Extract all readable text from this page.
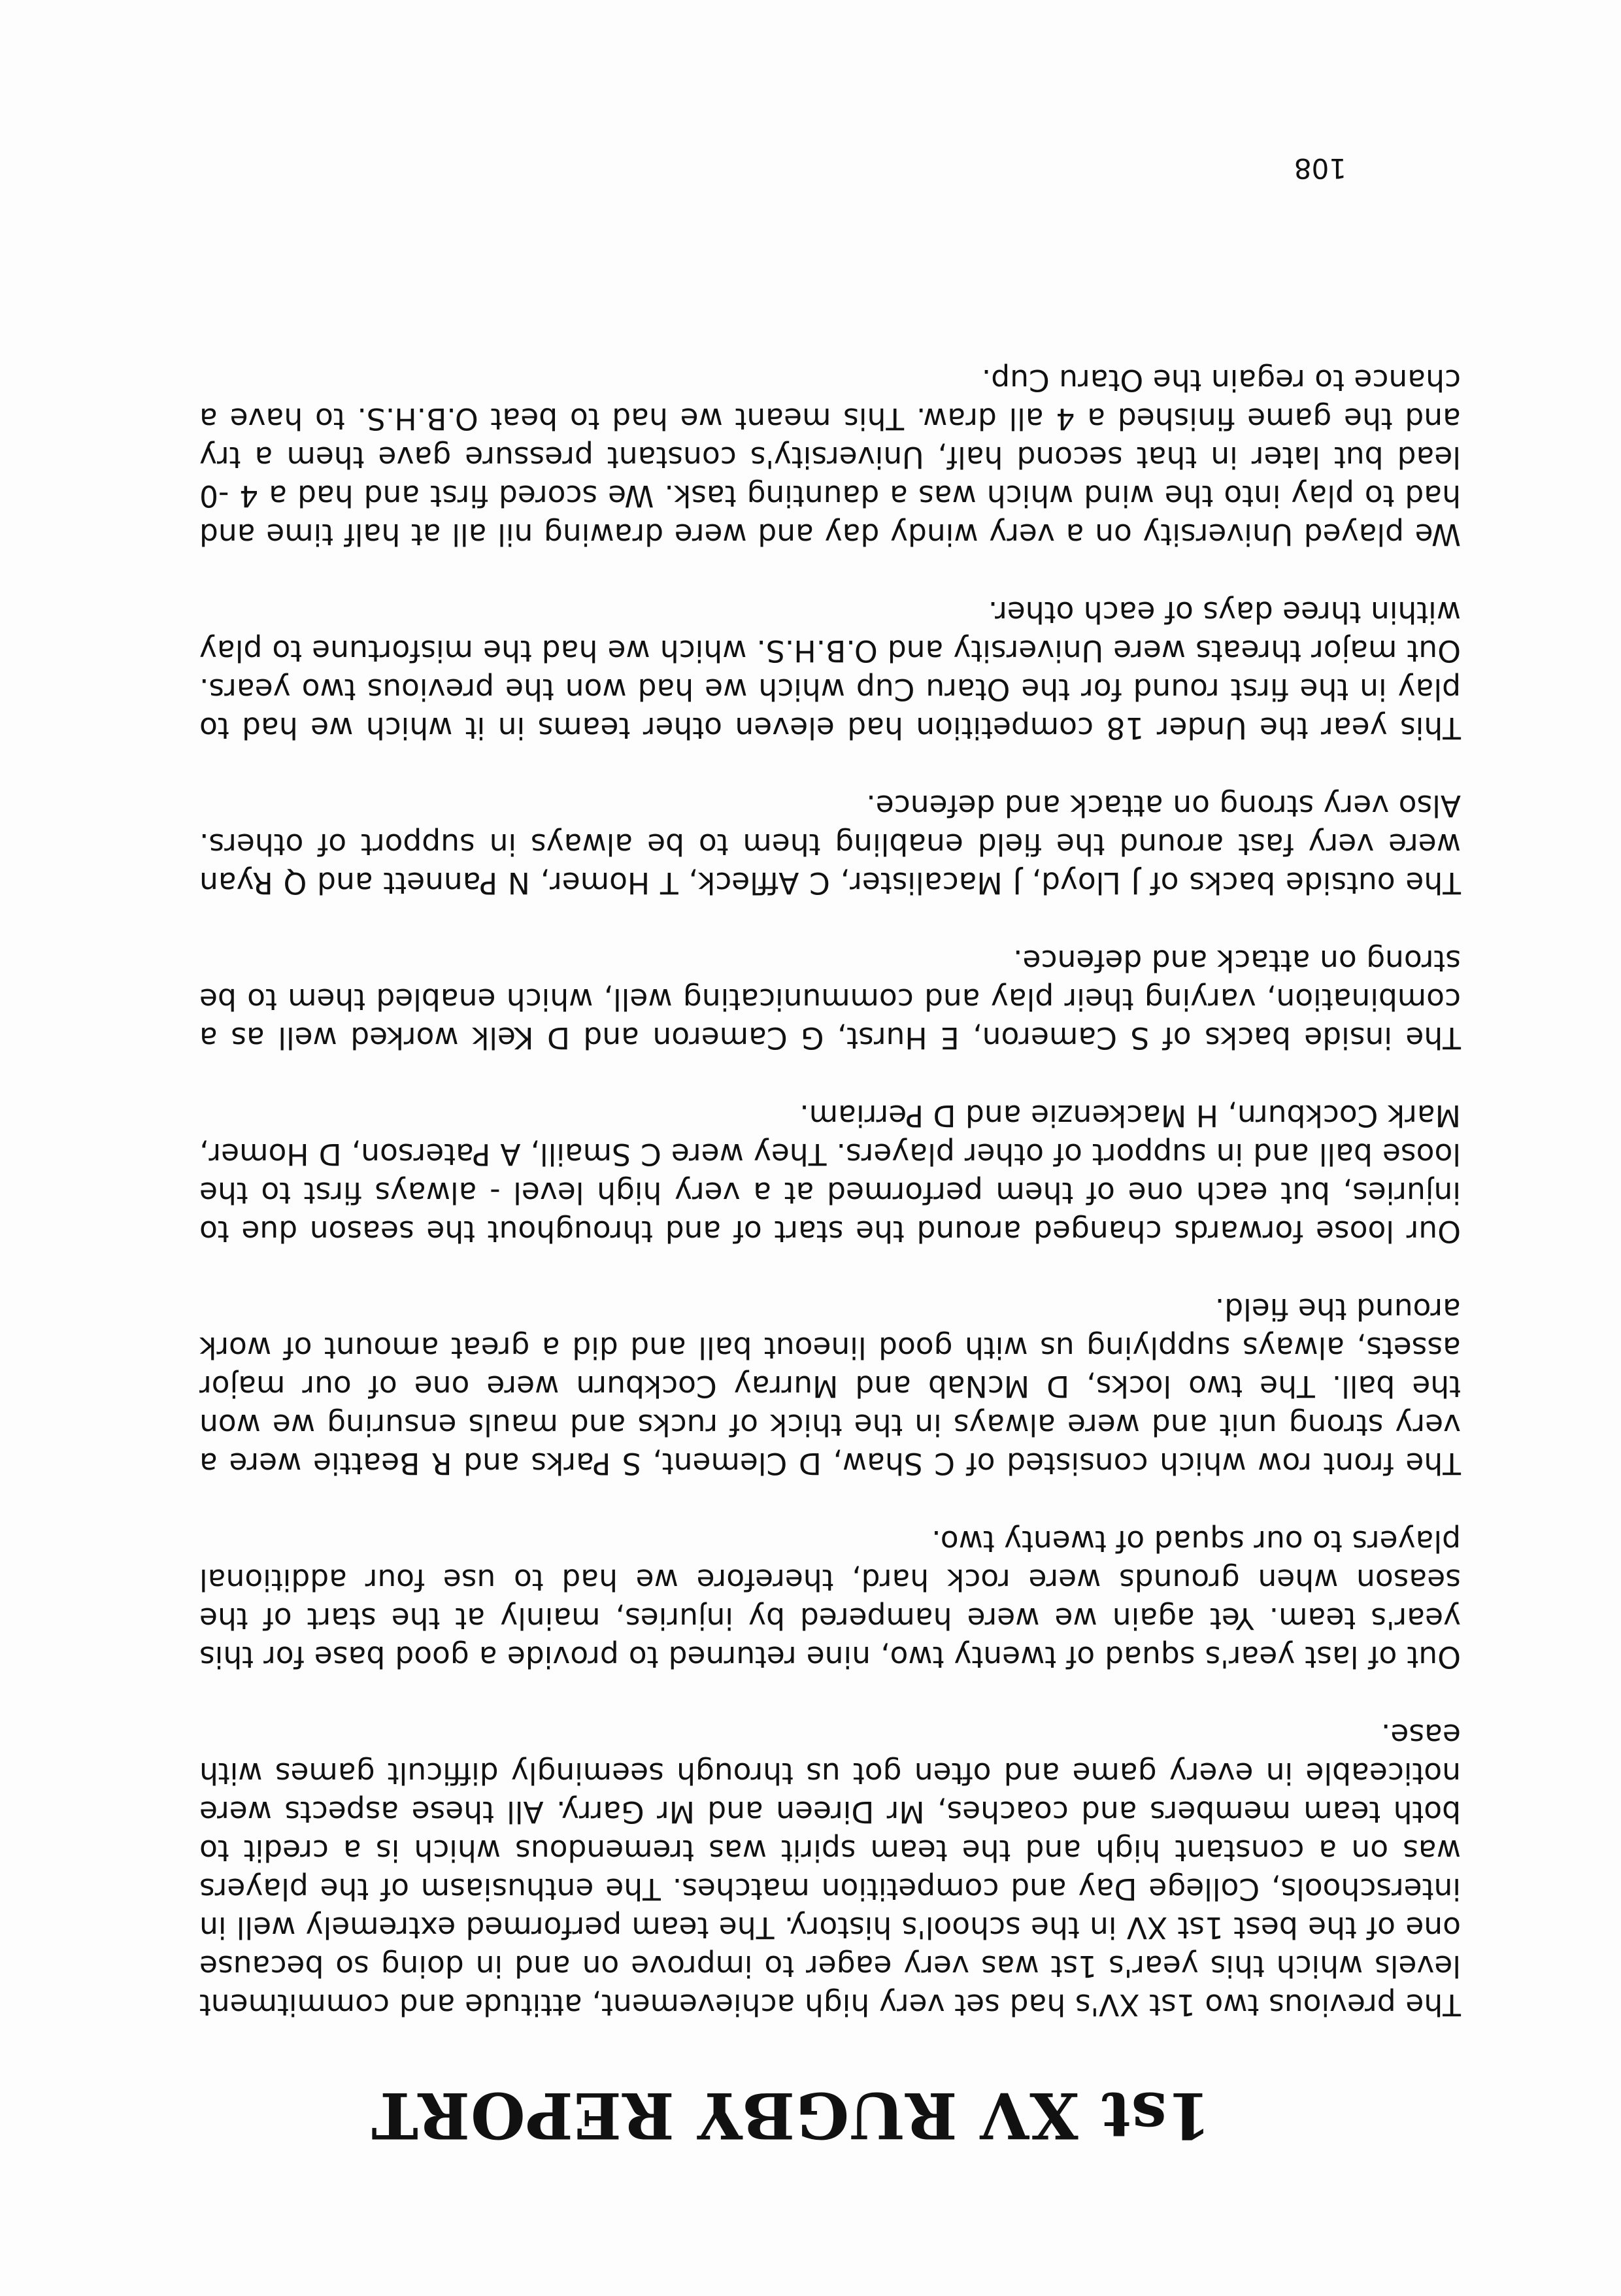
1st XV RUGBY REPORT

The previous two 1st XV's had set very high achievement, attitude and commitment levels which this year's 1st was very eager to improve on and in doing so because one of the best 1st XV in the school's history. The team performed extremely well in interschools, College Day and competition matches. The enthusiasm of the players was on a constant high and the team spirit was tremendous which is a credit to both team members and coaches, Mr Direen and Mr Garry. All these aspects were noticeable in every game and often got us through seemingly difficult games with ease.

Out of last year's squad of twenty two, nine returned to provide a good base for this year's team. Yet again we were hampered by injuries, mainly at the start of the season when grounds were rock hard, therefore we had to use four additional players to our squad of twenty two.

The front row which consisted of C Shaw, D Clement, S Parks and R Beattie were a very strong unit and were always in the thick of rucks and mauls ensuring we won the ball. The two locks, D McNab and Murray Cockburn were one of our major assets, always supplying us with good lineout ball and did a great amount of work around the field.

Our loose forwards changed around the start of and throughout the season due to injuries, but each one of them performed at a very high level - always first to the loose ball and in support of other players. They were C Smaill, A Paterson, D Homer, Mark Cockburn, H Mackenzie and D Perriam.

The inside backs of S Cameron, E Hurst, G Cameron and D Kelk worked well as a combination, varying their play and communicating well, which enabled them to be strong on attack and defence.

The outside backs of J Lloyd, J Macalister, C Affleck, T Homer, N Pannett and Q Ryan were very fast around the field enabling them to be always in support of others. Also very strong on attack and defence.

This year the Under 18 competition had eleven other teams in it which we had to play in the first round for the Otaru Cup which we had won the previous two years. Out major threats were University and O.B.H.S. which we had the misfortune to play within three days of each other.

We played University on a very windy day and were drawing nil all at half time and had to play into the wind which was a daunting task. We scored first and had a 4 -0 lead but later in that second half, University's constant pressure gave them a try and the game finished a 4 all draw. This meant we had to beat O.B.H.S. to have a chance to regain the Otaru Cup.

108
